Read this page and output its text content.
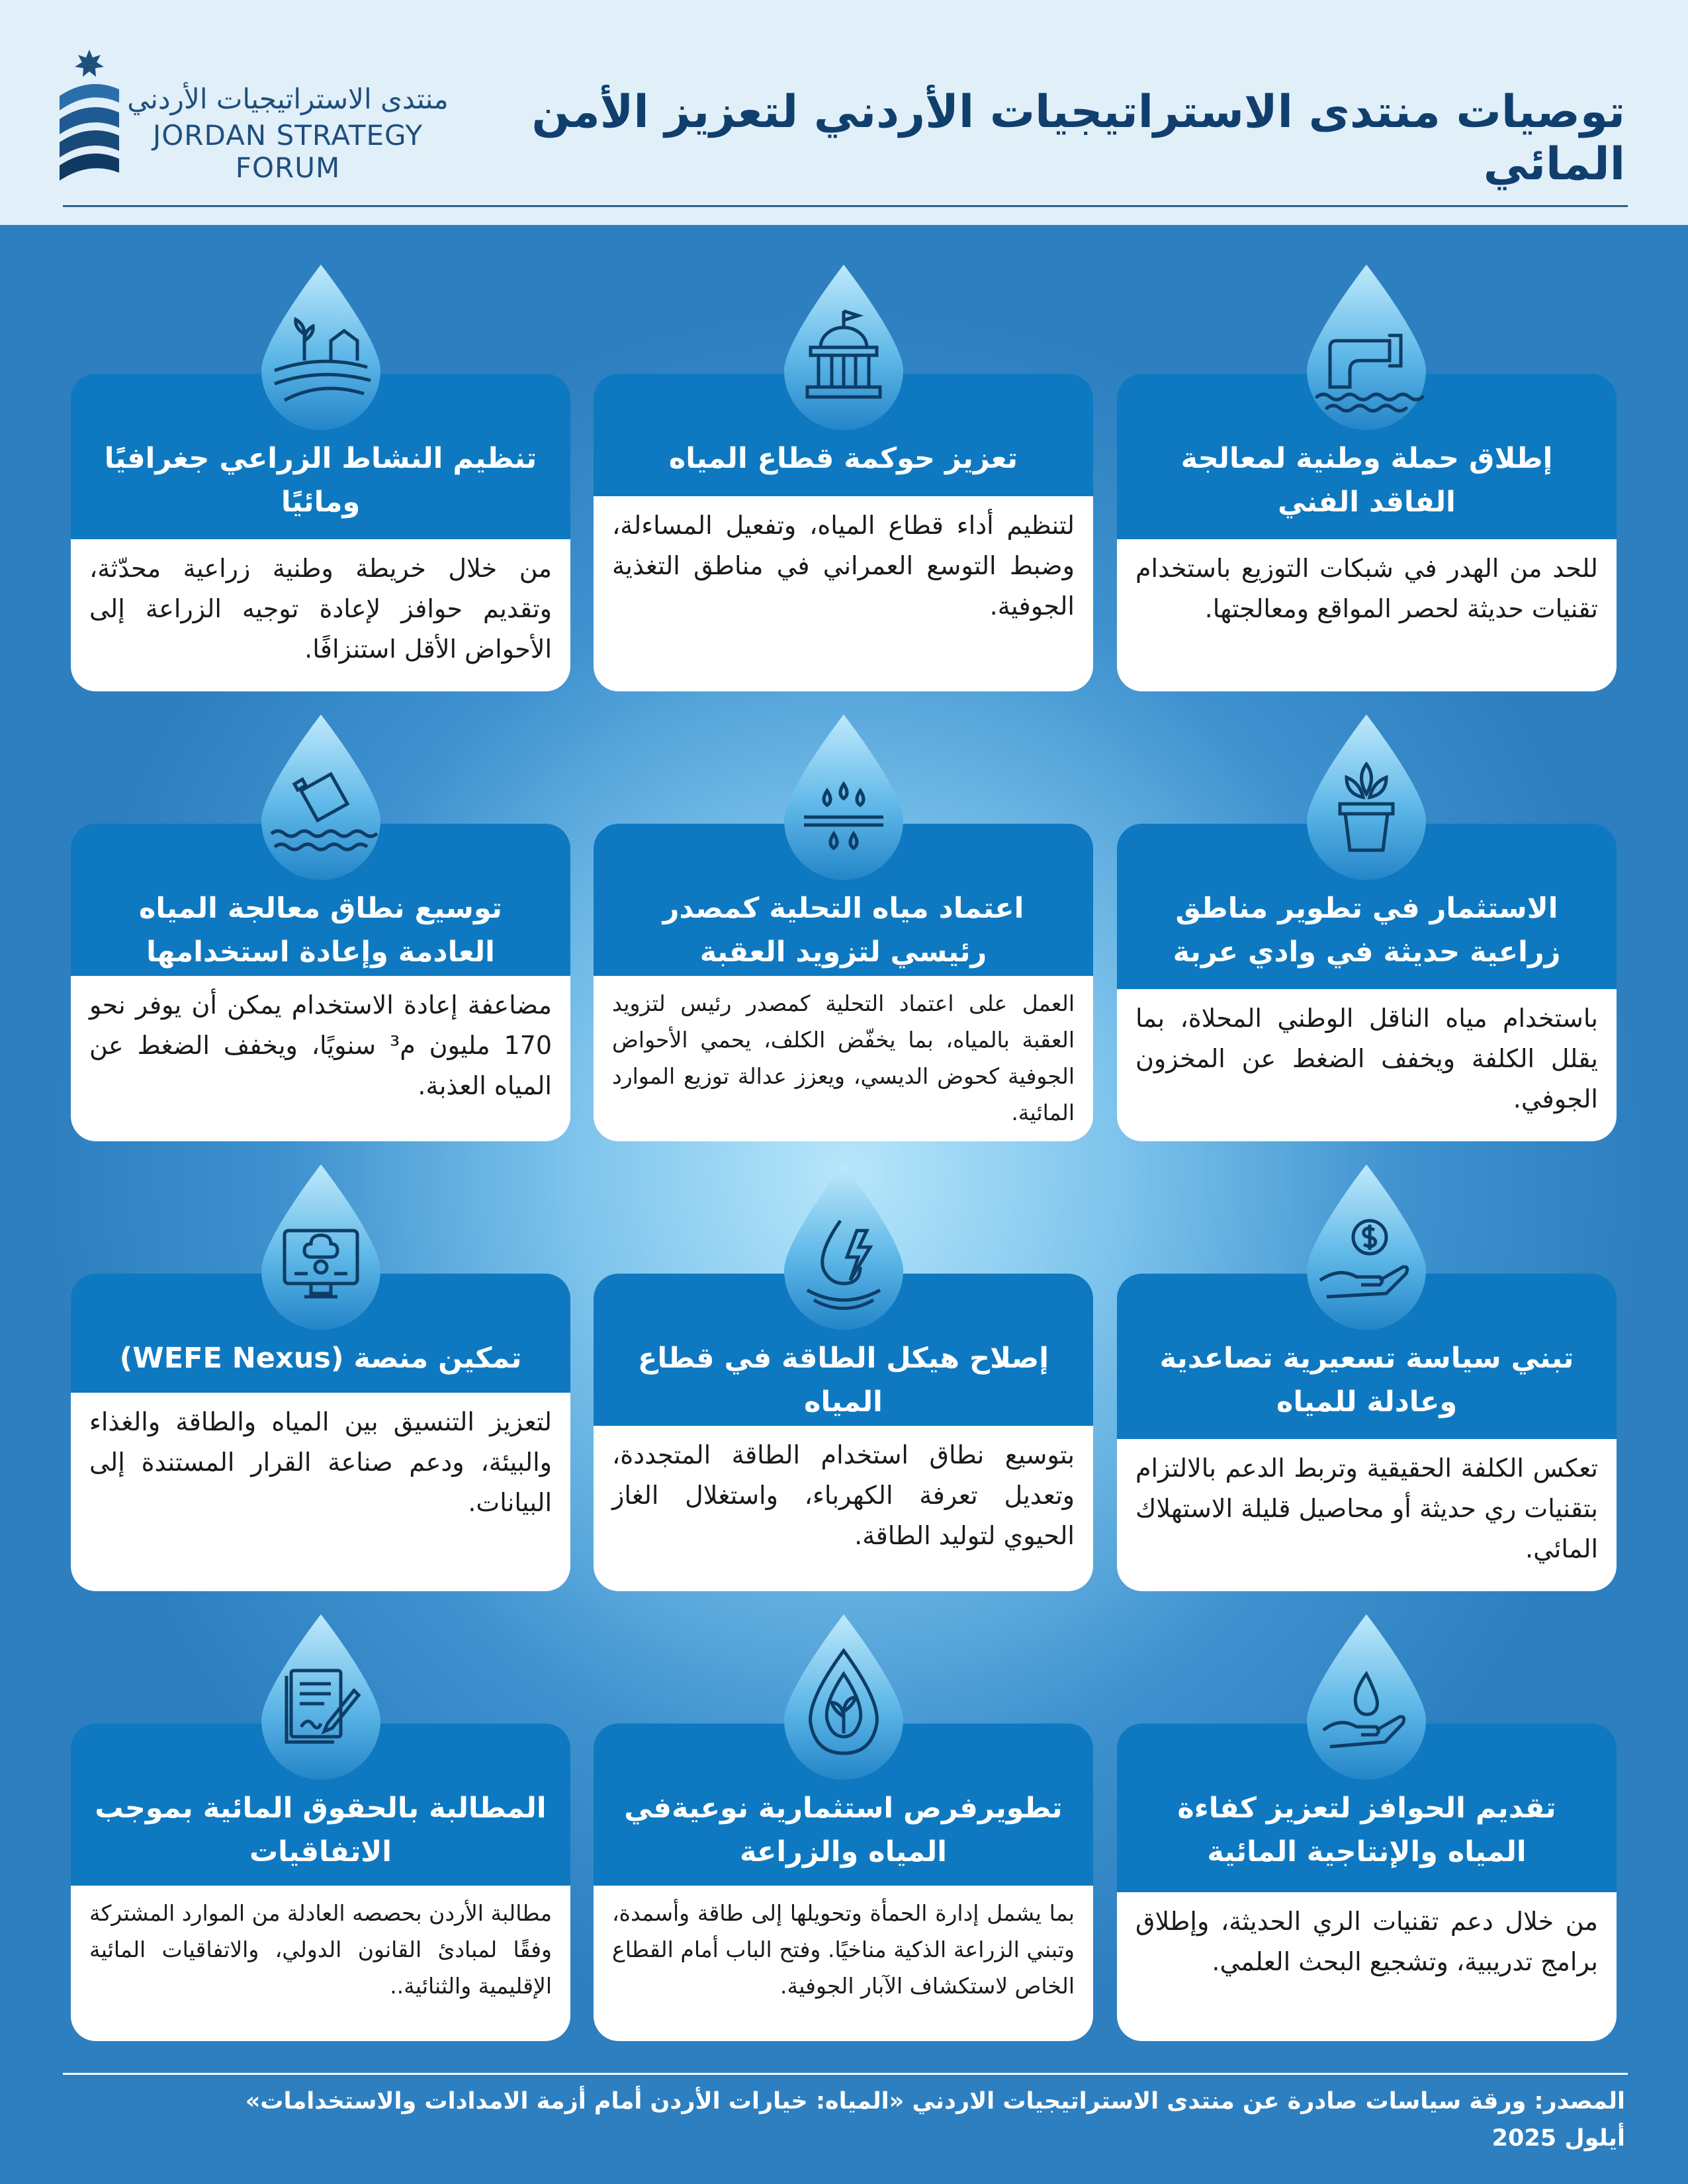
منتدى الاستراتيجيات الأردني
JORDAN STRATEGY FORUM
توصيات منتدى الاستراتيجيات الأردني لتعزيز الأمن المائي
إطلاق حملة وطنية لمعالجة الفاقد الفني
للحد من الهدر في شبكات التوزيع باستخدام تقنيات حديثة لحصر المواقع ومعالجتها.
تعزيز حوكمة قطاع المياه
لتنظيم أداء قطاع المياه، وتفعيل المساءلة، وضبط التوسع العمراني في مناطق التغذية الجوفية.
تنظيم النشاط الزراعي جغرافيًا ومائيًا
من خلال خريطة وطنية زراعية محدّثة، وتقديم حوافز لإعادة توجيه الزراعة إلى الأحواض الأقل استنزافًا.
الاستثمار في تطوير مناطق زراعية حديثة في وادي عربة
باستخدام مياه الناقل الوطني المحلاة، بما يقلل الكلفة ويخفف الضغط عن المخزون الجوفي.
اعتماد مياه التحلية كمصدر رئيسي لتزويد العقبة
العمل على اعتماد التحلية كمصدر رئيس لتزويد العقبة بالمياه، بما يخفّض الكلف، يحمي الأحواض الجوفية كحوض الديسي، ويعزز عدالة توزيع الموارد المائية.
توسيع نطاق معالجة المياه العادمة وإعادة استخدامها
مضاعفة إعادة الاستخدام يمكن أن يوفر نحو 170 مليون م³ سنويًا، ويخفف الضغط عن المياه العذبة.
تبني سياسة تسعيرية تصاعدية وعادلة للمياه
تعكس الكلفة الحقيقية وتربط الدعم بالالتزام بتقنيات ري حديثة أو محاصيل قليلة الاستهلاك المائي.
إصلاح هيكل الطاقة في قطاع المياه
بتوسيع نطاق استخدام الطاقة المتجددة، وتعديل تعرفة الكهرباء، واستغلال الغاز الحيوي لتوليد الطاقة.
تمكين منصة (WEFE Nexus)
لتعزيز التنسيق بين المياه والطاقة والغذاء والبيئة، ودعم صناعة القرار المستندة إلى البيانات.
تقديم الحوافز لتعزيز كفاءة المياه والإنتاجية المائية
من خلال دعم تقنيات الري الحديثة، وإطلاق برامج تدريبية، وتشجيع البحث العلمي.
تطويرفرص استثمارية نوعيةفي المياه والزراعة
بما يشمل إدارة الحمأة وتحويلها إلى طاقة وأسمدة، وتبني الزراعة الذكية مناخيًا. وفتح الباب أمام القطاع الخاص لاستكشاف الآبار الجوفية.
المطالبة بالحقوق المائية بموجب الاتفاقيات
مطالبة الأردن بحصصه العادلة من الموارد المشتركة وفقًا لمبادئ القانون الدولي، والاتفاقيات المائية الإقليمية والثنائية..
المصدر: ورقة سياسات صادرة عن منتدى الاستراتيجيات الاردني «المياه: خيارات الأردن أمام أزمة الامدادات والاستخدامات»
أيلول 2025
